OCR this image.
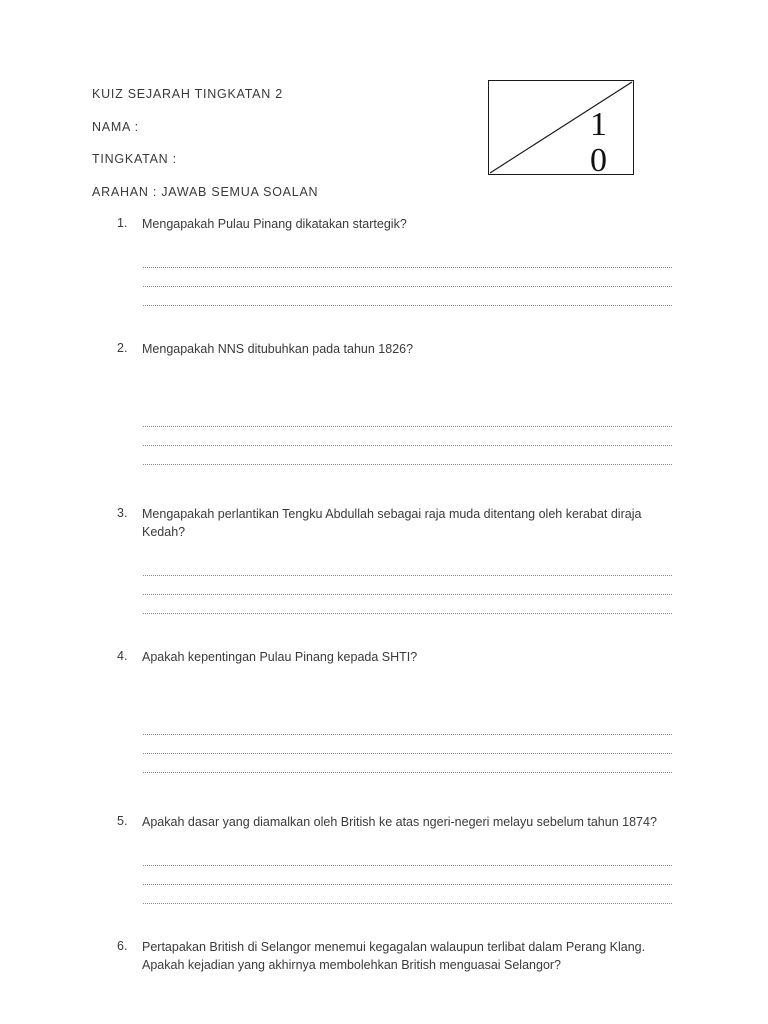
KUIZ SEJARAH TINGKATAN 2
NAMA :
TINGKATAN :
ARAHAN : JAWAB SEMUA SOALAN
1
0
1. Mengapakah Pulau Pinang dikatakan startegik?
2. Mengapakah NNS ditubuhkan pada tahun 1826?
3. Mengapakah perlantikan Tengku Abdullah sebagai raja muda ditentang oleh kerabat diraja Kedah?
4. Apakah kepentingan Pulau Pinang kepada SHTI?
5. Apakah dasar yang diamalkan oleh British ke atas ngeri-negeri melayu sebelum tahun 1874?
6. Pertapakan British di Selangor menemui kegagalan walaupun terlibat dalam Perang Klang. Apakah kejadian yang akhirnya membolehkan British menguasai Selangor?
